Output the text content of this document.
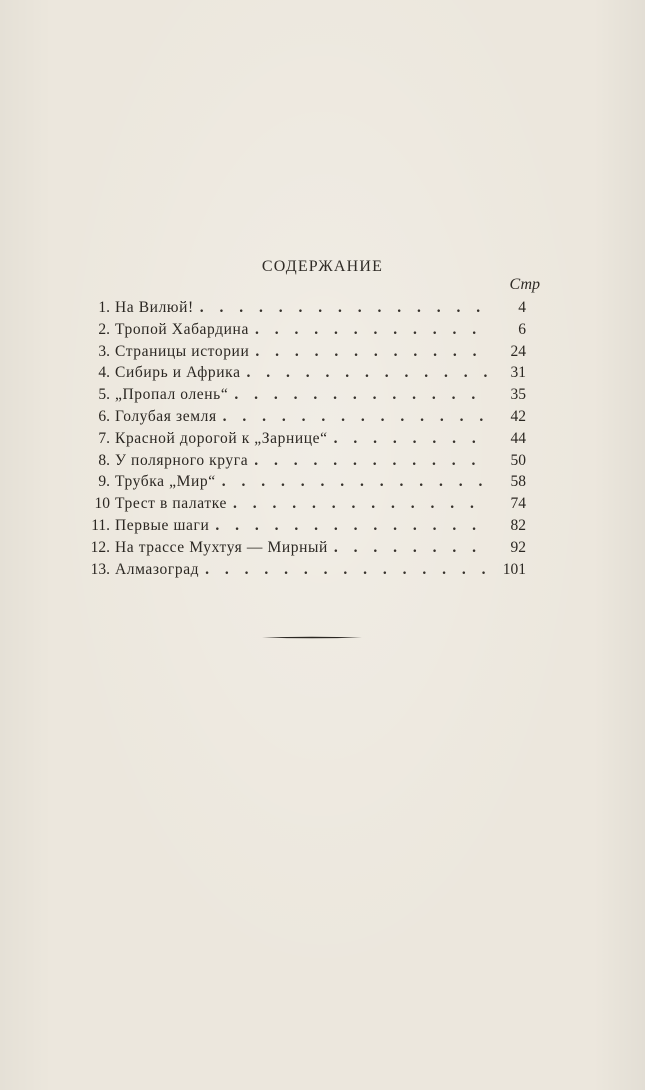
СОДЕРЖАНИЕ
Стр
1. На Вилюй! . . .	4
2. Тропой Хабардина . . .	6
3. Страницы истории . . .	24
4. Сибирь и Африка . . .	31
5. „Пропал олень“ . . .	35
6. Голубая земля . . .	42
7. Красной дорогой к „Зарнице“ . . .	44
8. У полярного круга . . .	50
9. Трубка „Мир“ . . .	58
10 Трест в палатке . . .	74
11. Первые шаги . . .	82
12. На трассе Мухтуя — Мирный . . .	92
13. Алмазоград . . .	101
